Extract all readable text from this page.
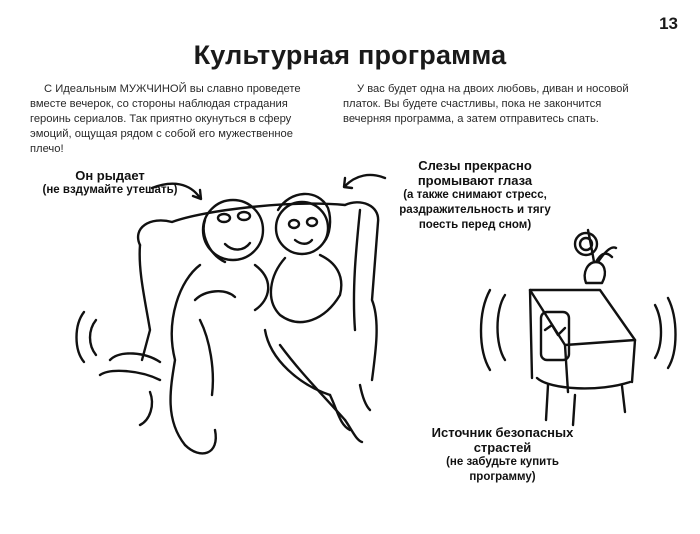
13
Культурная программа
С Идеальным МУЖЧИНОЙ вы славно проведете вместе вечерок, со стороны наблюдая страдания героинь сериалов. Так приятно окунуться в сферу эмоций, ощущая рядом с собой его мужественное плечо!
У вас будет одна на двоих любовь, диван и носовой платок. Вы будете счастливы, пока не закончится вечерняя программа, а затем отправитесь спать.
Он рыдает
(не вздумайте утешать)
Слезы прекрасно промывают глаза
(а также снимают стресс, раздражительность и тягу поесть перед сном)
Источник безопасных страстей
(не забудьте купить программу)
